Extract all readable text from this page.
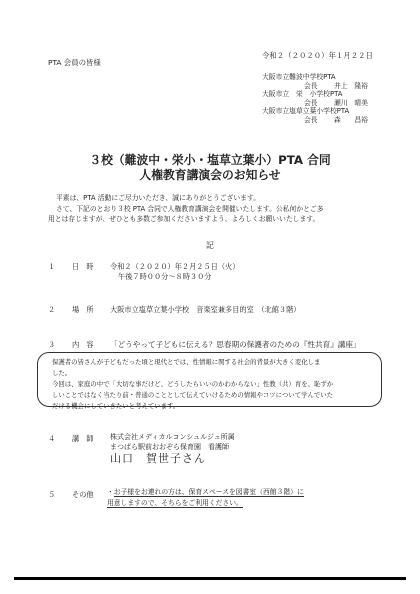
令和２（２０２０）年１月２２日
PTA 会員の皆様
大阪市立難波中学校PTA
会長 井上　隆裕
大阪市立　栄　小学校PTA
会長 瀬川　晴美
大阪市立塩草立葉小学校PTA
会長 森　　昌裕
３校（難波中・栄小・塩草立葉小）PTA 合同
人権教育講演会のお知らせ

平素は、PTA 活動にご尽力いただき、誠にありがとうございます。

さて、下記のとおり３校 PTA 合同で人権教育講演会を開催いたします。公私何かとご多

用とは存じますが、ぜひとも多数ご参加くださいますよう、よろしくお願いいたします。

記
１ 日　時 令和２（２０２０）年２月２５日（火）
午後７時００分～８時３０分
２ 場　所 大阪市立塩草立葉小学校　音楽室兼多目的室　（北館３階）
３ 内　容 「どうやって子どもに伝える？思春期の保護者のための『性共育』講座」

保護者の皆さんが子どもだった頃と現代とでは、性情報に関する社会的背景が大きく変化しま

した。

今回は、家庭の中で「大切な事だけど、どうしたらいいのかわからない」性教（共）育を、恥ずか

しいことではなく当たり前・普通のこととして伝えていけるための情報やコツについて学んでいた

だける機会にしていきたいと考えています。

４ 講　師 株式会社メディカルコンシュルジュ所属
まつばら駅前おおぞら保育園　看護師
山口　賀世子さん
５ その他 ・お子様をお連れの方は、保育スペースを図書室（西館３階）に
用意しますので、そちらをご利用ください。
